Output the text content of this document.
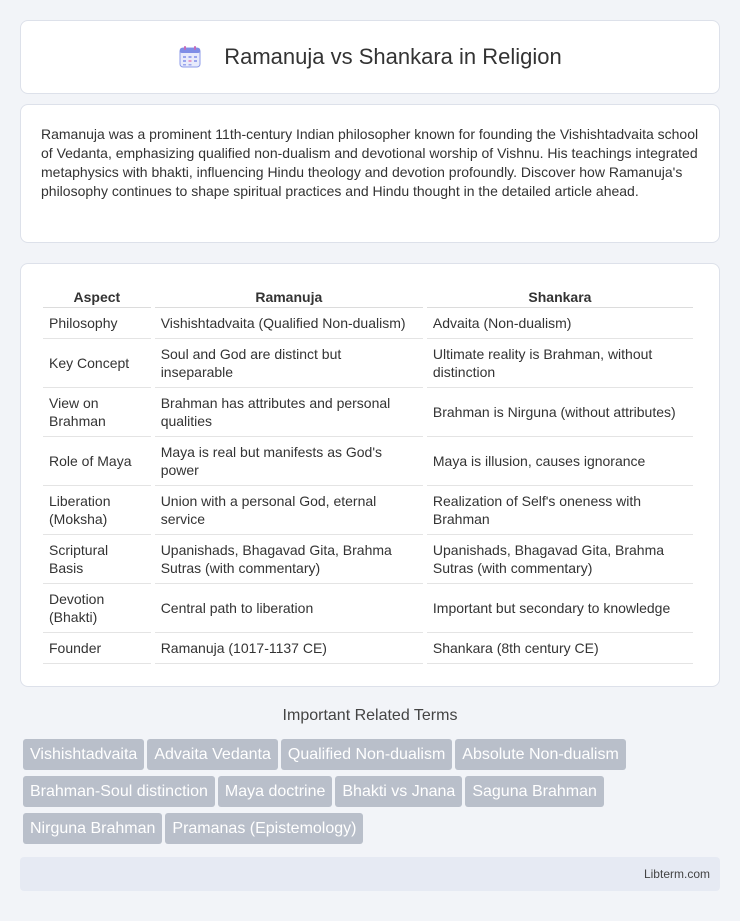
Ramanuja vs Shankara in Religion

Ramanuja was a prominent 11th-century Indian philosopher known for founding the Vishishtadvaita school of Vedanta, emphasizing qualified non-dualism and devotional worship of Vishnu. His teachings integrated metaphysics with bhakti, influencing Hindu theology and devotion profoundly. Discover how Ramanuja's philosophy continues to shape spiritual practices and Hindu thought in the detailed article ahead.

Aspect	Ramanuja	Shankara
Philosophy	Vishishtadvaita (Qualified Non-dualism)	Advaita (Non-dualism)
Key Concept	Soul and God are distinct but inseparable	Ultimate reality is Brahman, without distinction
View on Brahman	Brahman has attributes and personal qualities	Brahman is Nirguna (without attributes)
Role of Maya	Maya is real but manifests as God's power	Maya is illusion, causes ignorance
Liberation (Moksha)	Union with a personal God, eternal service	Realization of Self's oneness with Brahman
Scriptural Basis	Upanishads, Bhagavad Gita, Brahma Sutras (with commentary)	Upanishads, Bhagavad Gita, Brahma Sutras (with commentary)
Devotion (Bhakti)	Central path to liberation	Important but secondary to knowledge
Founder	Ramanuja (1017-1137 CE)	Shankara (8th century CE)
Important Related Terms
Vishishtadvaita Advaita Vedanta Qualified Non-dualism Absolute Non-dualismBrahman-Soul distinction Maya doctrine Bhakti vs Jnana Saguna BrahmanNirguna Brahman Pramanas (Epistemology)
Libterm.com
